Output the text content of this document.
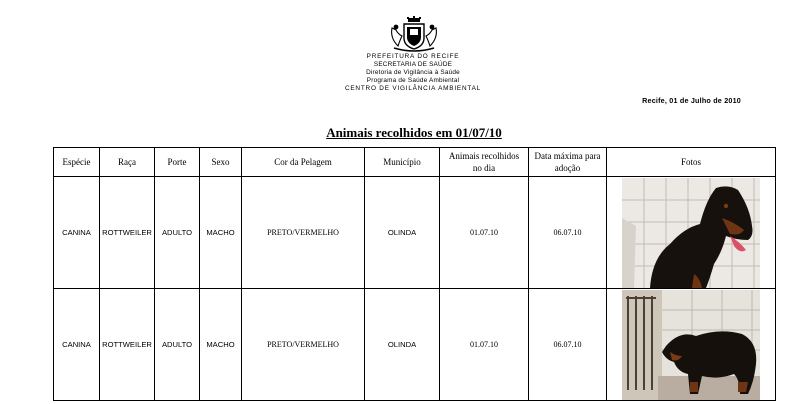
PREFEITURA DO RECIFE
SECRETARIA DE SAÚDE
Diretoria de Vigilância à Saúde
Programa de Saúde Ambiental
CENTRO DE VIGILÂNCIA AMBIENTAL
Recife, 01 de Julho de 2010
Animais recolhidos em 01/07/10
Espécie	Raça	Porte	Sexo	Cor da Pelagem	Município	Animais recolhidos no dia	Data máxima para adoção	Fotos
CANINA	ROTTWEILER	ADULTO	MACHO	PRETO/VERMELHO	OLINDA	01.07.10	06.07.10	

CANINA	ROTTWEILER	ADULTO	MACHO	PRETO/VERMELHO	OLINDA	01.07.10	06.07.10	
